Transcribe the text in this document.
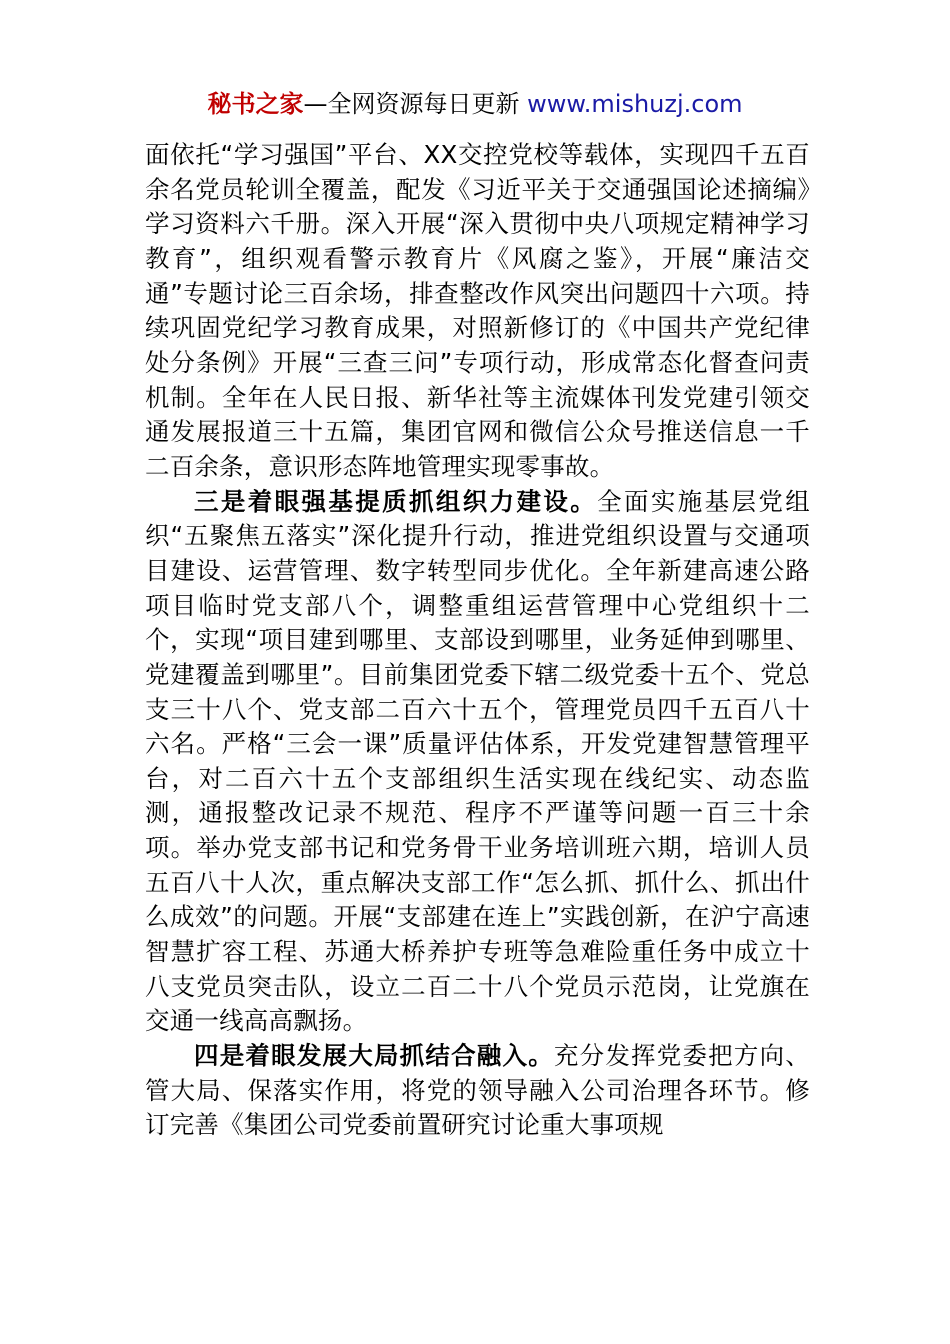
秘书之家—全网资源每日更新 www.mishuzj.com

面依托“学习强国”平台、XX交控党校等载体，实现四千五百余名党员轮训全覆盖，配发《习近平关于交通强国论述摘编》学习资料六千册。深入开展“深入贯彻中央八项规定精神学习教育”，组织观看警示教育片《风腐之鉴》，开展“廉洁交通”专题讨论三百余场，排查整改作风突出问题四十六项。持续巩固党纪学习教育成果，对照新修订的《中国共产党纪律处分条例》开展“三查三问”专项行动，形成常态化督查问责机制。全年在人民日报、新华社等主流媒体刊发党建引领交通发展报道三十五篇，集团官网和微信公众号推送信息一千二百余条，意识形态阵地管理实现零事故。

三是着眼强基提质抓组织力建设。全面实施基层党组织“五聚焦五落实”深化提升行动，推进党组织设置与交通项目建设、运营管理、数字转型同步优化。全年新建高速公路项目临时党支部八个，调整重组运营管理中心党组织十二个，实现“项目建到哪里、支部设到哪里，业务延伸到哪里、党建覆盖到哪里”。目前集团党委下辖二级党委十五个、党总支三十八个、党支部二百六十五个，管理党员四千五百八十六名。严格“三会一课”质量评估体系，开发党建智慧管理平台，对二百六十五个支部组织生活实现在线纪实、动态监测，通报整改记录不规范、程序不严谨等问题一百三十余项。举办党支部书记和党务骨干业务培训班六期，培训人员五百八十人次，重点解决支部工作“怎么抓、抓什么、抓出什么成效”的问题。开展“支部建在连上”实践创新，在沪宁高速智慧扩容工程、苏通大桥养护专班等急难险重任务中成立十八支党员突击队，设立二百二十八个党员示范岗，让党旗在交通一线高高飘扬。

四是着眼发展大局抓结合融入。充分发挥党委把方向、管大局、保落实作用，将党的领导融入公司治理各环节。修订完善《集团公司党委前置研究讨论重大事项规
